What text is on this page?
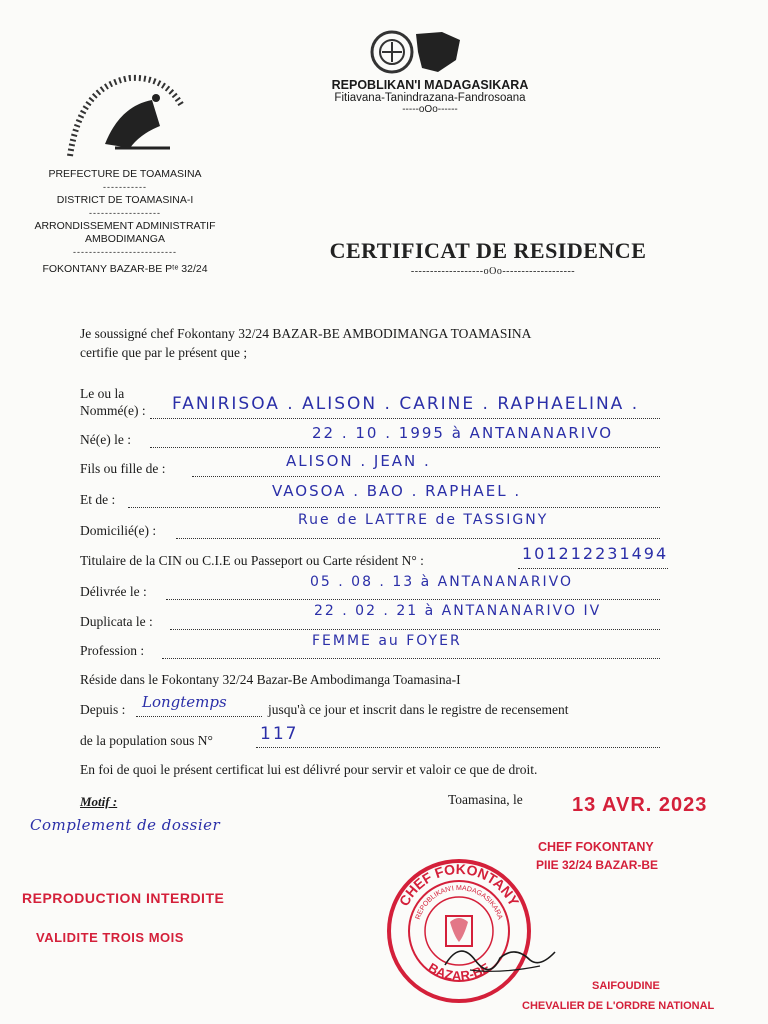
PREFECTURE DE TOAMASINA
-----------
DISTRICT DE TOAMASINA-I
------------------
ARRONDISSEMENT ADMINISTRATIF
AMBODIMANGA
--------------------------
FOKONTANY BAZAR-BE Pᵗᵉ 32/24
REPOBLIKAN'I MADAGASIKARA
Fitiavana-Tanindrazana-Fandrosoana
-----oOo------
CERTIFICAT DE RESIDENCE
-------------------oOo-------------------
Je soussigné chef Fokontany 32/24 BAZAR-BE AMBODIMANGA TOAMASINA
certifie que par le présent que ;
Le ou la
Nommé(e) : FANIRISOA . ALISON . CARINE . RAPHAELINA .
Né(e) le :	22 . 10 . 1995 à ANTANANARIVO
Fils ou fille de :	ALISON . JEAN .
Et de :	VAOSOA . BAO . RAPHAEL .
Domicilié(e) :
Rue de LATTRE de TASSIGNY
Titulaire de la CIN ou C.I.E ou Passeport ou Carte résident N° :	101212231494
Délivrée le :
05 . 08 . 13 à ANTANANARIVO
Duplicata le :
22 . 02 . 21 à ANTANANARIVO IV
Profession :
FEMME au FOYER
Réside dans le Fokontany 32/24 Bazar-Be Ambodimanga Toamasina-I
Depuis : Longtemps	jusqu'à ce jour et inscrit dans le registre de recensement
de la population sous N°	117
En foi de quoi le présent certificat lui est délivré pour servir et valoir ce que de droit.
Motif :
Complement de dossier
Toamasina, le 13 AVR. 2023
CHEF FOKONTANY
PIIE 32/24 BAZAR-BE
REPRODUCTION INTERDITE
VALIDITE TROIS MOIS
CHEF FOKONTANY
REPOBLIKAN'I MADAGASIKARA
BAZAR-BE
SAIFOUDINE
CHEVALIER DE L'ORDRE NATIONAL
